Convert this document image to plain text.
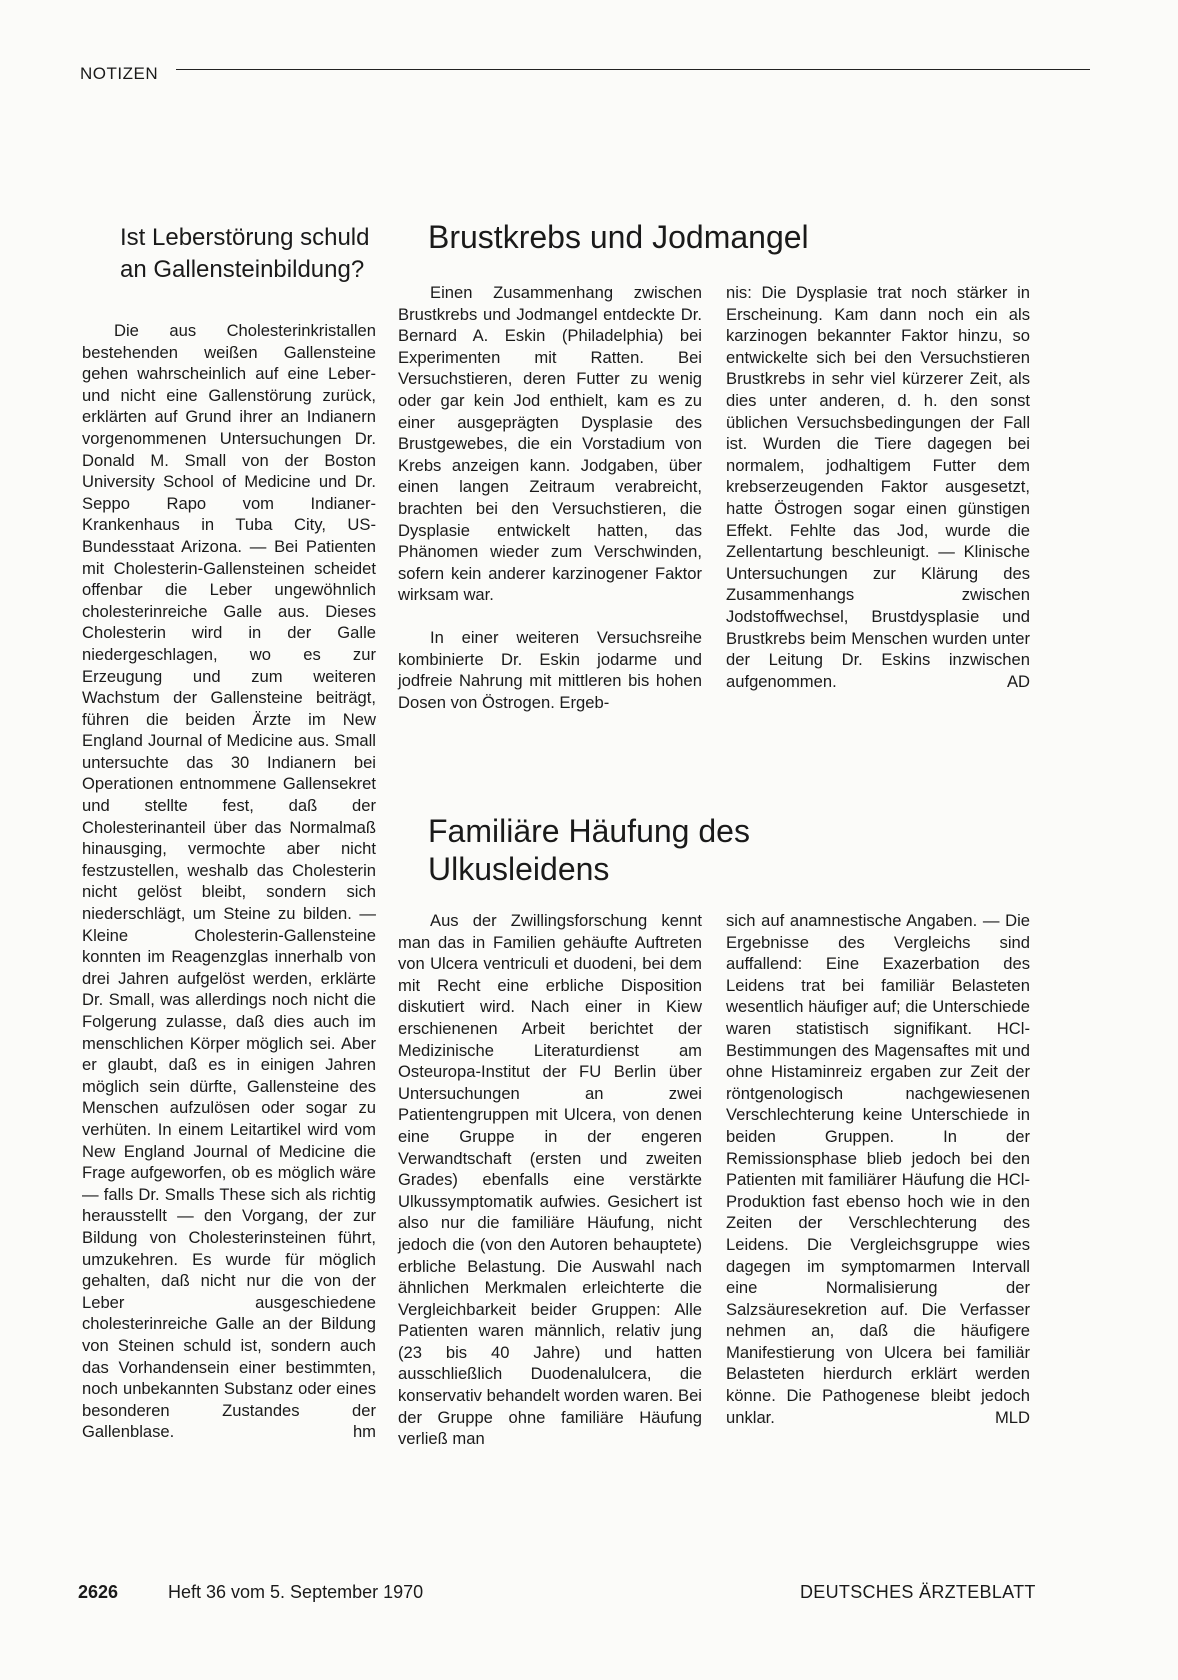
NOTIZEN
Ist Leberstörung schuld an Gallensteinbildung?

Die aus Cholesterinkristallen bestehenden weißen Gallensteine gehen wahrscheinlich auf eine Leber- und nicht eine Gallenstörung zurück, erklärten auf Grund ihrer an Indianern vorgenommenen Untersuchungen Dr. Donald M. Small von der Boston University School of Medicine und Dr. Seppo Rapo vom Indianer-Krankenhaus in Tuba City, US-Bundesstaat Arizona. — Bei Patienten mit Cholesterin-Gallensteinen scheidet offenbar die Leber ungewöhnlich cholesterinreiche Galle aus. Dieses Cholesterin wird in der Galle niedergeschlagen, wo es zur Erzeugung und zum weiteren Wachstum der Gallensteine beiträgt, führen die beiden Ärzte im New England Journal of Medicine aus. Small untersuchte das 30 Indianern bei Operationen entnommene Gallensekret und stellte fest, daß der Cholesterinanteil über das Normalmaß hinausging, vermochte aber nicht festzustellen, weshalb das Cholesterin nicht gelöst bleibt, sondern sich niederschlägt, um Steine zu bilden. — Kleine Cholesterin-Gallensteine konnten im Reagenzglas innerhalb von drei Jahren aufgelöst werden, erklärte Dr. Small, was allerdings noch nicht die Folgerung zulasse, daß dies auch im menschlichen Körper möglich sei. Aber er glaubt, daß es in einigen Jahren möglich sein dürfte, Gallensteine des Menschen aufzulösen oder sogar zu verhüten. In einem Leitartikel wird vom New England Journal of Medicine die Frage aufgeworfen, ob es möglich wäre — falls Dr. Smalls These sich als richtig herausstellt — den Vorgang, der zur Bildung von Cholesterinsteinen führt, umzukehren. Es wurde für möglich gehalten, daß nicht nur die von der Leber ausgeschiedene cholesterinreiche Galle an der Bildung von Steinen schuld ist, sondern auch das Vorhandensein einer bestimmten, noch unbekannten Substanz oder eines besonderen Zustandes der Gallenblase.	hm

Brustkrebs und Jodmangel

Einen Zusammenhang zwischen Brustkrebs und Jodmangel entdeckte Dr. Bernard A. Eskin (Philadelphia) bei Experimenten mit Ratten. Bei Versuchstieren, deren Futter zu wenig oder gar kein Jod enthielt, kam es zu einer ausgeprägten Dysplasie des Brustgewebes, die ein Vorstadium von Krebs anzeigen kann. Jodgaben, über einen langen Zeitraum verabreicht, brachten bei den Versuchstieren, die Dysplasie entwickelt hatten, das Phänomen wieder zum Verschwinden, sofern kein anderer karzinogener Faktor wirksam war.

In einer weiteren Versuchsreihe kombinierte Dr. Eskin jodarme und jodfreie Nahrung mit mittleren bis hohen Dosen von Östrogen. Ergeb-

nis: Die Dysplasie trat noch stärker in Erscheinung. Kam dann noch ein als karzinogen bekannter Faktor hinzu, so entwickelte sich bei den Versuchstieren Brustkrebs in sehr viel kürzerer Zeit, als dies unter anderen, d. h. den sonst üblichen Versuchsbedingungen der Fall ist. Wurden die Tiere dagegen bei normalem, jodhaltigem Futter dem krebserzeugenden Faktor ausgesetzt, hatte Östrogen sogar einen günstigen Effekt. Fehlte das Jod, wurde die Zellentartung beschleunigt. — Klinische Untersuchungen zur Klärung des Zusammenhangs zwischen Jodstoffwechsel, Brustdysplasie und Brustkrebs beim Menschen wurden unter der Leitung Dr. Eskins inzwischen aufgenommen.	AD

Familiäre Häufung des Ulkusleidens

Aus der Zwillingsforschung kennt man das in Familien gehäufte Auftreten von Ulcera ventriculi et duodeni, bei dem mit Recht eine erbliche Disposition diskutiert wird. Nach einer in Kiew erschienenen Arbeit berichtet der Medizinische Literaturdienst am Osteuropa-Institut der FU Berlin über Untersuchungen an zwei Patientengruppen mit Ulcera, von denen eine Gruppe in der engeren Verwandtschaft (ersten und zweiten Grades) ebenfalls eine verstärkte Ulkussymptomatik aufwies. Gesichert ist also nur die familiäre Häufung, nicht jedoch die (von den Autoren behauptete) erbliche Belastung. Die Auswahl nach ähnlichen Merkmalen erleichterte die Vergleichbarkeit beider Gruppen: Alle Patienten waren männlich, relativ jung (23 bis 40 Jahre) und hatten ausschließlich Duodenalulcera, die konservativ behandelt worden waren. Bei der Gruppe ohne familiäre Häufung verließ man

sich auf anamnestische Angaben. — Die Ergebnisse des Vergleichs sind auffallend: Eine Exazerbation des Leidens trat bei familiär Belasteten wesentlich häufiger auf; die Unterschiede waren statistisch signifikant. HCl-Bestimmungen des Magensaftes mit und ohne Histaminreiz ergaben zur Zeit der röntgenologisch nachgewiesenen Verschlechterung keine Unterschiede in beiden Gruppen. In der Remissionsphase blieb jedoch bei den Patienten mit familiärer Häufung die HCl-Produktion fast ebenso hoch wie in den Zeiten der Verschlechterung des Leidens. Die Vergleichsgruppe wies dagegen im symptomarmen Intervall eine Normalisierung der Salzsäuresekretion auf. Die Verfasser nehmen an, daß die häufigere Manifestierung von Ulcera bei familiär Belasteten hierdurch erklärt werden könne. Die Pathogenese bleibt jedoch unklar.	MLD

2626	Heft 36 vom 5. September 1970	DEUTSCHES ÄRZTEBLATT
